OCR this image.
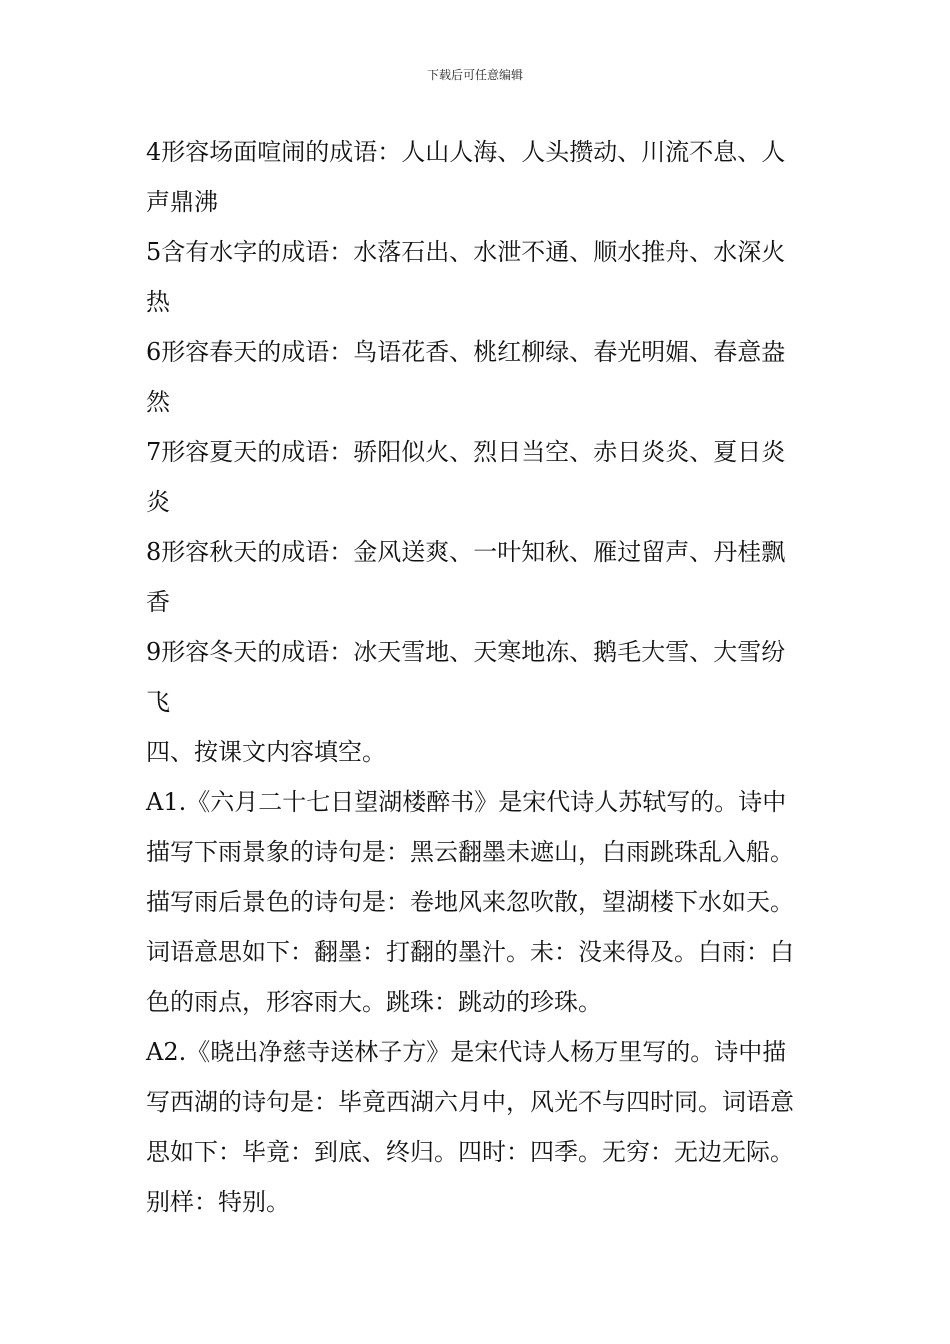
下载后可任意编辑

4形容场面喧闹的成语：人山人海、人头攒动、川流不息、人声鼎沸

5含有水字的成语：水落石出、水泄不通、顺水推舟、水深火热

6形容春天的成语：鸟语花香、桃红柳绿、春光明媚、春意盎然

7形容夏天的成语：骄阳似火、烈日当空、赤日炎炎、夏日炎炎

8形容秋天的成语：金风送爽、一叶知秋、雁过留声、丹桂飘香

9形容冬天的成语：冰天雪地、天寒地冻、鹅毛大雪、大雪纷飞

四、按课文内容填空。

A1.《六月二十七日望湖楼醉书》是宋代诗人苏轼写的。诗中描写下雨景象的诗句是：黑云翻墨未遮山，白雨跳珠乱入船。描写雨后景色的诗句是：卷地风来忽吹散，望湖楼下水如天。词语意思如下：翻墨：打翻的墨汁。未：没来得及。白雨：白色的雨点，形容雨大。跳珠：跳动的珍珠。

A2.《晓出净慈寺送林子方》是宋代诗人杨万里写的。诗中描写西湖的诗句是：毕竟西湖六月中，风光不与四时同。词语意思如下：毕竟：到底、终归。四时：四季。无穷：无边无际。别样：特别。
